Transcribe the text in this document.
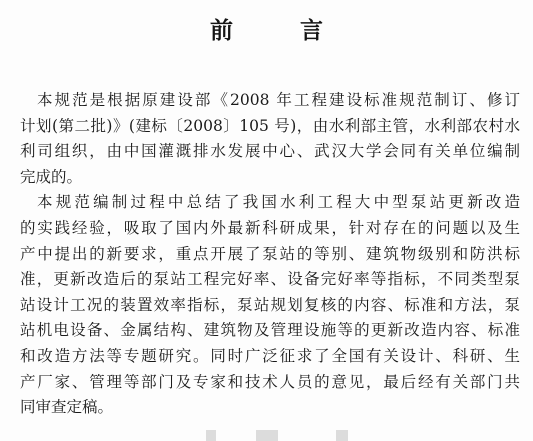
前　言
本规范是根据原建设部《2008 年工程建设标准规范制订、修订
计划(第二批)》(建标〔2008〕105 号)，由水利部主管，水利部农村水
利司组织，由中国灌溉排水发展中心、武汉大学会同有关单位编制
完成的。
本规范编制过程中总结了我国水利工程大中型泵站更新改造
的实践经验，吸取了国内外最新科研成果，针对存在的问题以及生
产中提出的新要求，重点开展了泵站的等别、建筑物级别和防洪标
准，更新改造后的泵站工程完好率、设备完好率等指标，不同类型泵
站设计工况的装置效率指标，泵站规划复核的内容、标准和方法，泵
站机电设备、金属结构、建筑物及管理设施等的更新改造内容、标准
和改造方法等专题研究。同时广泛征求了全国有关设计、科研、生
产厂家、管理等部门及专家和技术人员的意见，最后经有关部门共
同审查定稿。
